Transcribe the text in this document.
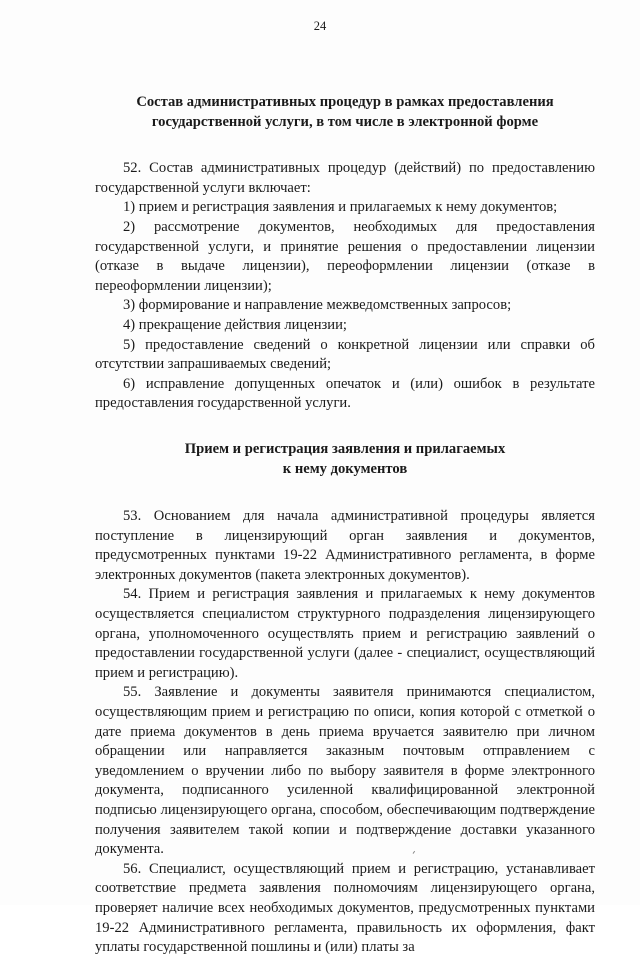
24
Состав административных процедур в рамках предоставления
государственной услуги, в том числе в электронной форме

52. Состав административных процедур (действий) по предоставлению государственной услуги включает:

1) прием и регистрация заявления и прилагаемых к нему документов;

2) рассмотрение документов, необходимых для предоставления государственной услуги, и принятие решения о предоставлении лицензии (отказе в выдаче лицензии), переоформлении лицензии (отказе в переоформлении лицензии);

3) формирование и направление межведомственных запросов;

4) прекращение действия лицензии;

5) предоставление сведений о конкретной лицензии или справки об отсутствии запрашиваемых сведений;

6) исправление допущенных опечаток и (или) ошибок в результате предоставления государственной услуги.

Прием и регистрация заявления и прилагаемых
к нему документов

53. Основанием для начала административной процедуры является поступление в лицензирующий орган заявления и документов, предусмотренных пунктами 19-22 Административного регламента, в форме электронных документов (пакета электронных документов).

54. Прием и регистрация заявления и прилагаемых к нему документов осуществляется специалистом структурного подразделения лицензирующего органа, уполномоченного осуществлять прием и регистрацию заявлений о предоставлении государственной услуги (далее - специалист, осуществляющий прием и регистрацию).

55. Заявление и документы заявителя принимаются специалистом, осуществляющим прием и регистрацию по описи, копия которой с отметкой о дате приема документов в день приема вручается заявителю при личном обращении или направляется заказным почтовым отправлением с уведомлением о вручении либо по выбору заявителя в форме электронного документа, подписанного усиленной квалифицированной электронной подписью лицензирующего органа, способом, обеспечивающим подтверждение получения заявителем такой копии и подтверждение доставки указанного документа.

56. Специалист, осуществляющий прием и регистрацию, устанавливает соответствие предмета заявления полномочиям лицензирующего органа, проверяет наличие всех необходимых документов, предусмотренных пунктами 19-22 Административного регламента, правильность их оформления, факт уплаты государственной пошлины и (или) платы за
